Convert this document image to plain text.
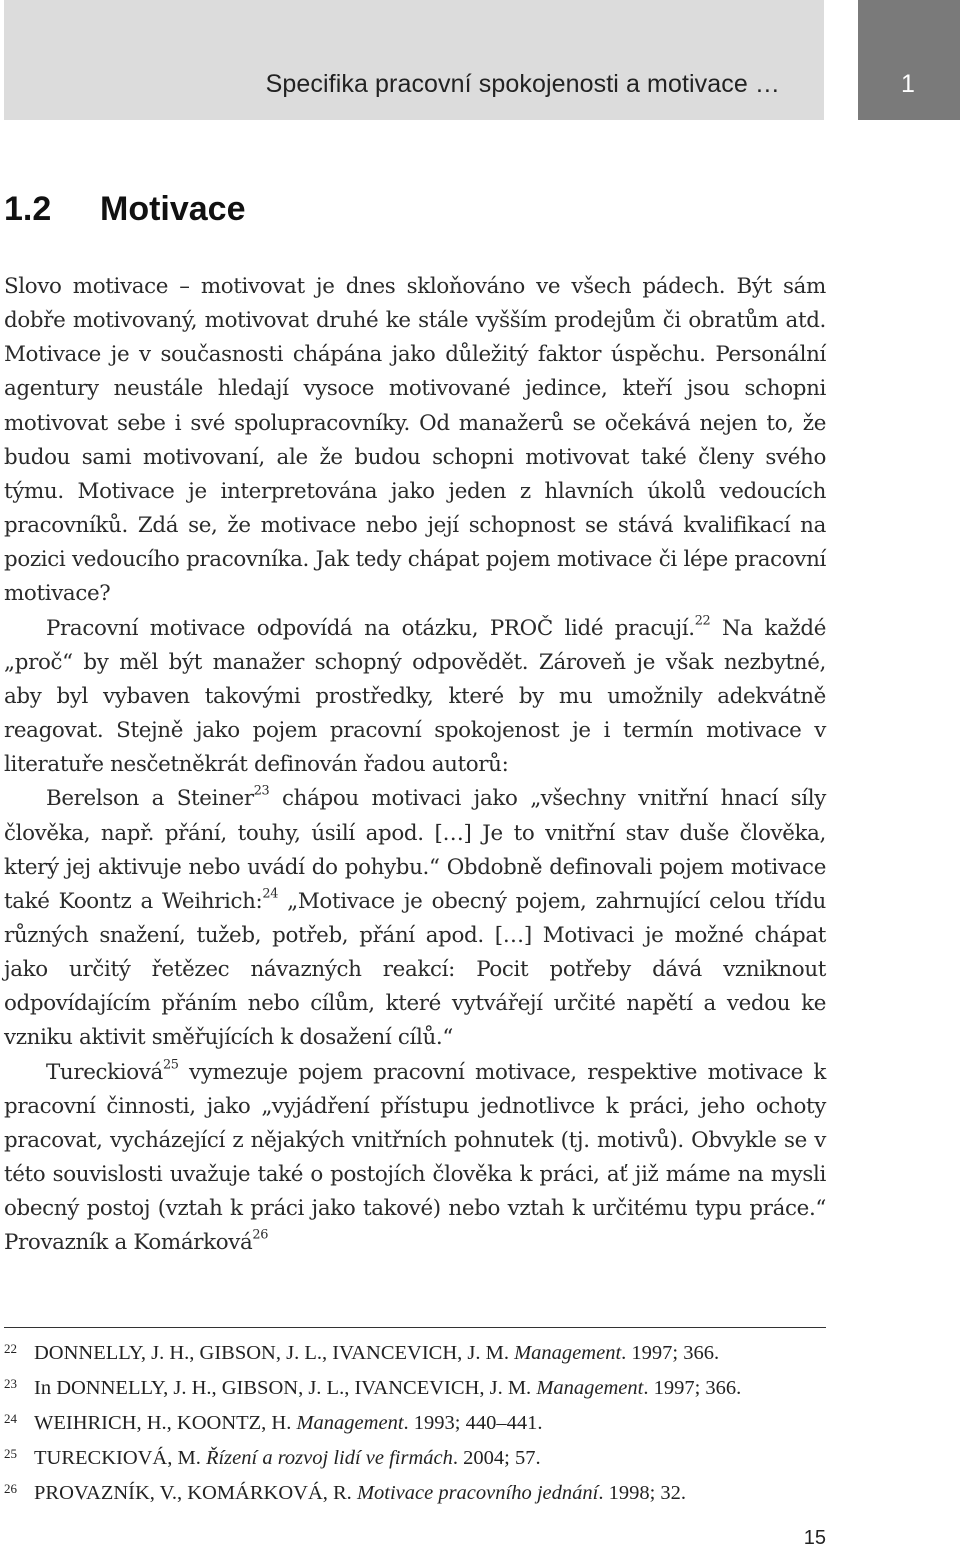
Specifika pracovní spokojenosti a motivace …	1
1.2 Motivace

Slovo motivace – motivovat je dnes skloňováno ve všech pádech. Být sám dobře motivovaný, motivovat druhé ke stále vyšším prodejům či obratům atd. Motivace je v současnosti chápána jako důležitý faktor úspěchu. Personální agentury neustále hledají vysoce motivované jedince, kteří jsou schopni motivovat sebe i své spolupracovníky. Od manažerů se očekává nejen to, že budou sami motivovaní, ale že budou schopni motivovat také členy svého týmu. Motivace je interpretována jako jeden z hlavních úkolů vedoucích pracovníků. Zdá se, že motivace nebo její schopnost se stává kvalifikací na pozici vedoucího pracovníka. Jak tedy chápat pojem motivace či lépe pracovní motivace?

Pracovní motivace odpovídá na otázku, PROČ lidé pracují.$^{22}$ Na každé „proč“ by měl být manažer schopný odpovědět. Zároveň je však nezbytné, aby byl vybaven takovými prostředky, které by mu umožnily adekvátně reagovat. Stejně jako pojem pracovní spokojenost je i termín motivace v literatuře nesčetněkrát definován řadou autorů:

Berelson a Steiner$^{23}$ chápou motivaci jako „všechny vnitřní hnací síly člověka, např. přání, touhy, úsilí apod. […] Je to vnitřní stav duše člověka, který jej aktivuje nebo uvádí do pohybu.“ Obdobně definovali pojem motivace také Koontz a Weihrich:$^{24}$ „Motivace je obecný pojem, zahrnující celou třídu různých snažení, tužeb, potřeb, přání apod. […] Motivaci je možné chápat jako určitý řetězec návazných reakcí: Pocit potřeby dává vzniknout odpovídajícím přáním nebo cílům, které vytvářejí určité napětí a vedou ke vzniku aktivit směřujících k dosažení cílů.“

Tureckiová$^{25}$ vymezuje pojem pracovní motivace, respektive motivace k pracovní činnosti, jako „vyjádření přístupu jednotlivce k práci, jeho ochoty pracovat, vycházející z nějakých vnitřních pohnutek (tj. motivů). Obvykle se v této souvislosti uvažuje také o postojích člověka k práci, ať již máme na mysli obecný postoj (vztah k práci jako takové) nebo vztah k určitému typu práce.“ Provazník a Komárková$^{26}$

22 DONNELLY, J. H., GIBSON, J. L., IVANCEVICH, J. M. Management. 1997; 366.
23 In DONNELLY, J. H., GIBSON, J. L., IVANCEVICH, J. M. Management. 1997; 366.
24 WEIHRICH, H., KOONTZ, H. Management. 1993; 440–441.
25 TURECKIOVÁ, M. Řízení a rozvoj lidí ve firmách. 2004; 57.
26 PROVAZNÍK, V., KOMÁRKOVÁ, R. Motivace pracovního jednání. 1998; 32.
15
